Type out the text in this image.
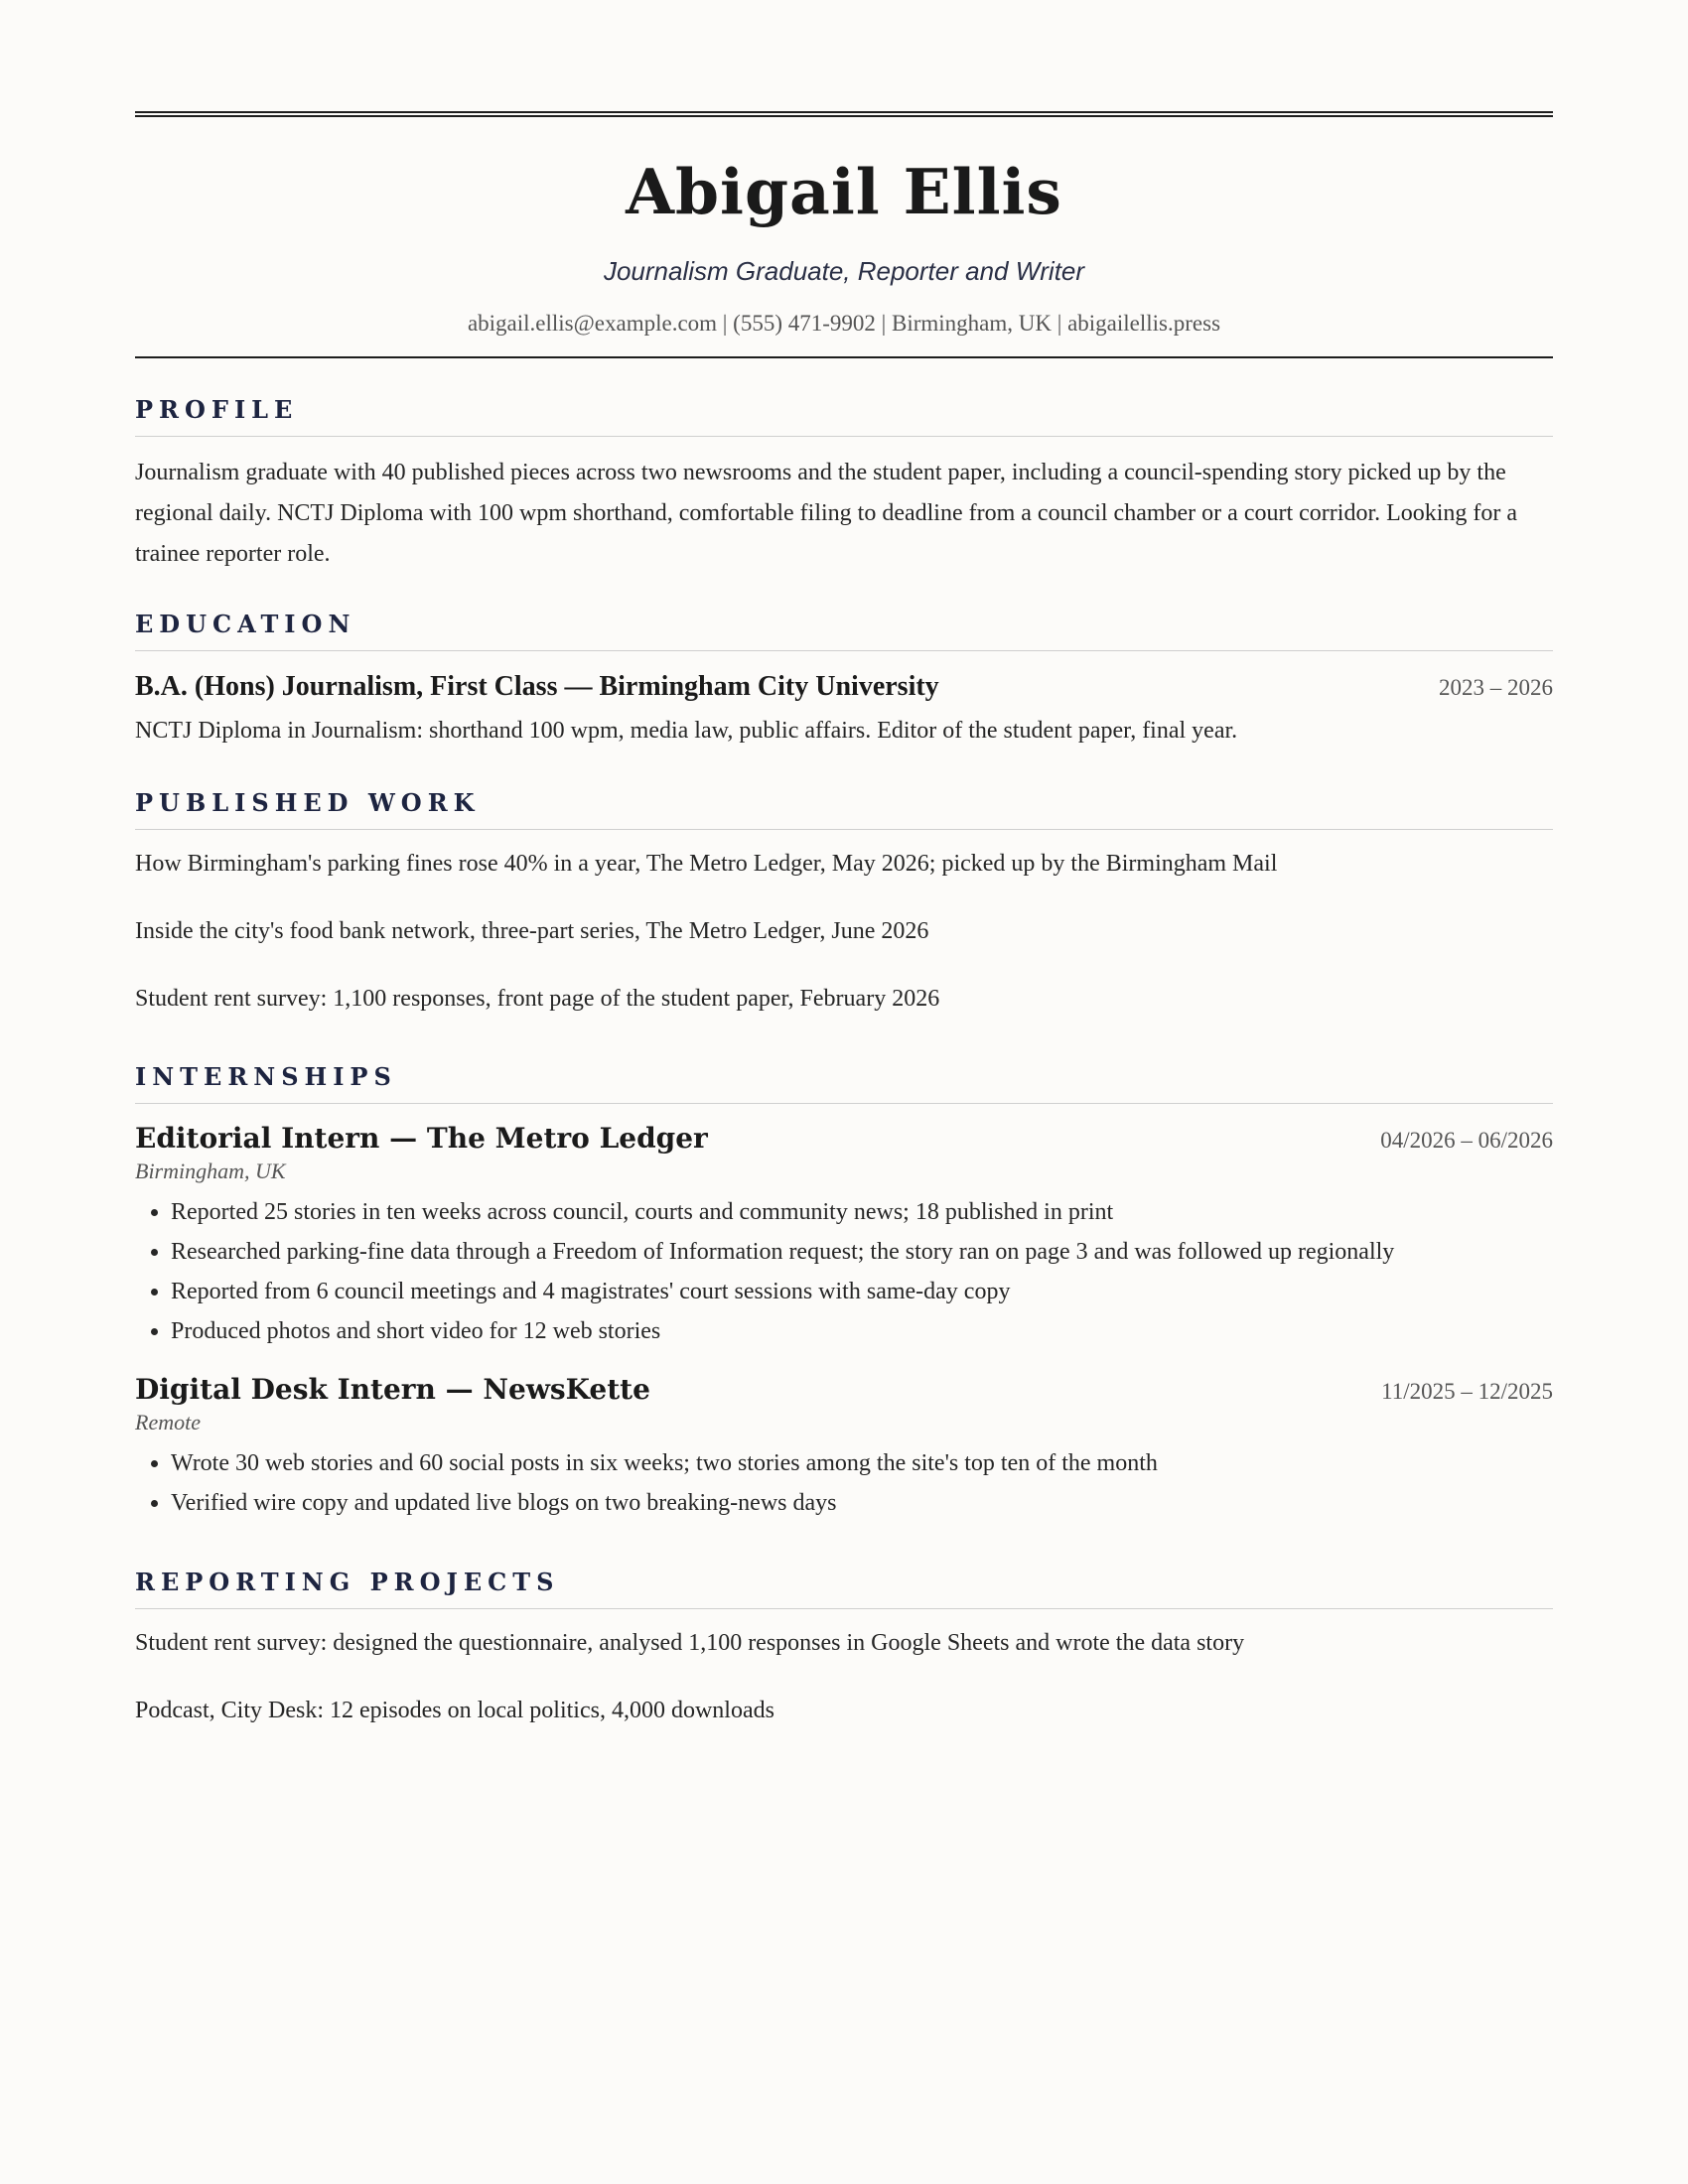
Abigail Ellis
Journalism Graduate, Reporter and Writer
abigail.ellis@example.com | (555) 471-9902 | Birmingham, UK | abigailellis.press
PROFILE
Journalism graduate with 40 published pieces across two newsrooms and the student paper, including a council-spending story picked up by the regional daily. NCTJ Diploma with 100 wpm shorthand, comfortable filing to deadline from a council chamber or a court corridor. Looking for a trainee reporter role.
EDUCATION
B.A. (Hons) Journalism, First Class — Birmingham City University	2023 – 2026
NCTJ Diploma in Journalism: shorthand 100 wpm, media law, public affairs. Editor of the student paper, final year.
PUBLISHED WORK
How Birmingham's parking fines rose 40% in a year, The Metro Ledger, May 2026; picked up by the Birmingham Mail
Inside the city's food bank network, three-part series, The Metro Ledger, June 2026
Student rent survey: 1,100 responses, front page of the student paper, February 2026
INTERNSHIPS
Editorial Intern — The Metro Ledger	04/2026 – 06/2026
Birmingham, UK
• Reported 25 stories in ten weeks across council, courts and community news; 18 published in print
• Researched parking-fine data through a Freedom of Information request; the story ran on page 3 and was followed up regionally
• Reported from 6 council meetings and 4 magistrates' court sessions with same-day copy
• Produced photos and short video for 12 web stories
Digital Desk Intern — NewsKette	11/2025 – 12/2025
Remote
• Wrote 30 web stories and 60 social posts in six weeks; two stories among the site's top ten of the month
• Verified wire copy and updated live blogs on two breaking-news days
REPORTING PROJECTS
Student rent survey: designed the questionnaire, analysed 1,100 responses in Google Sheets and wrote the data story
Podcast, City Desk: 12 episodes on local politics, 4,000 downloads
